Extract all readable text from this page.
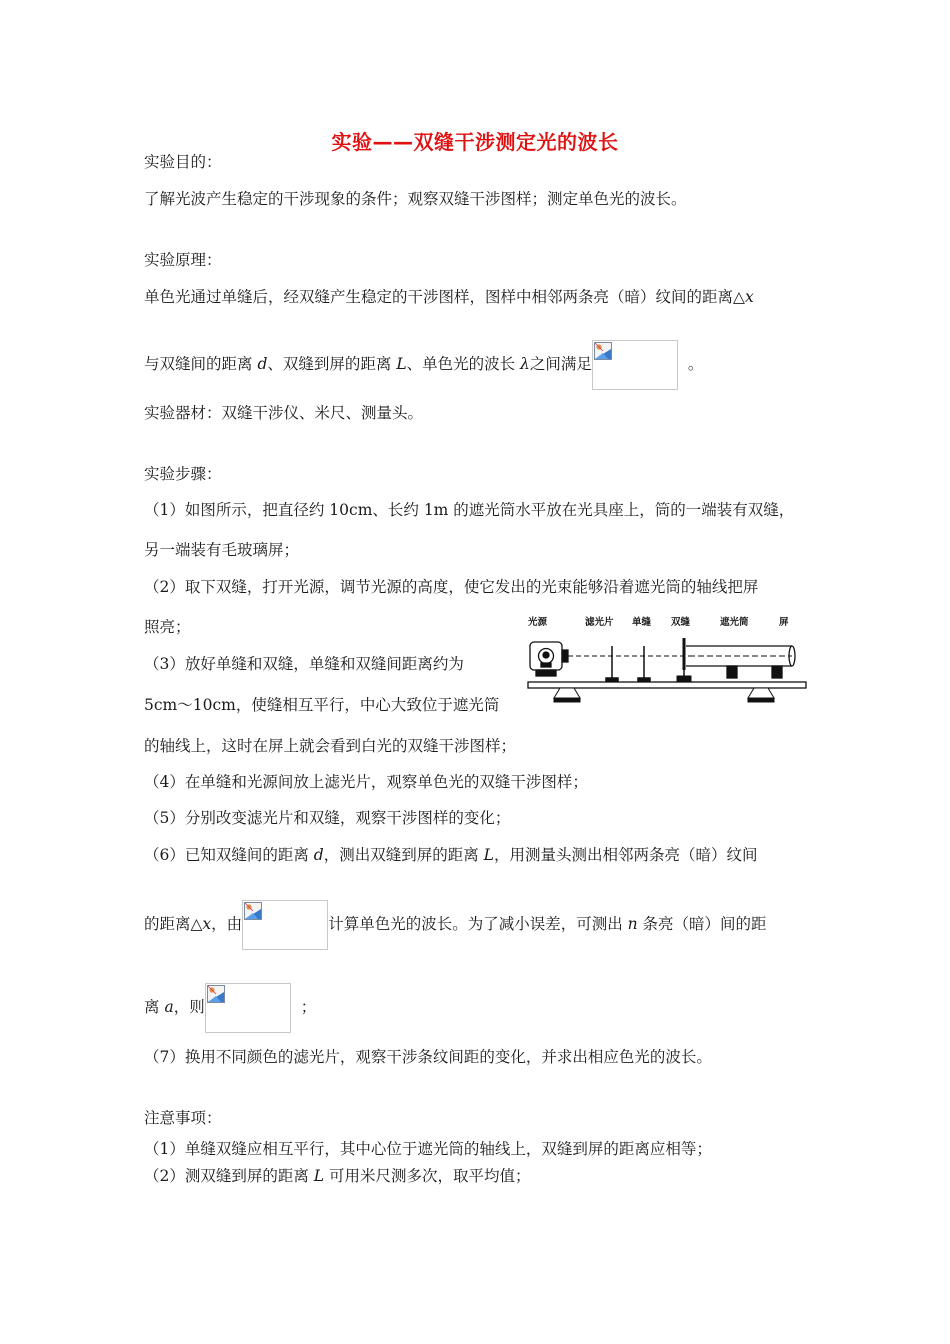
实验——双缝干涉测定光的波长
实验目的：
了解光波产生稳定的干涉现象的条件；观察双缝干涉图样；测定单色光的波长。
实验原理：
单色光通过单缝后，经双缝产生稳定的干涉图样，图样中相邻两条亮（暗）纹间的距离△x
与双缝间的距离 d、双缝到屏的距离 L、单色光的波长 λ之间满足	。
实验器材：双缝干涉仪、米尺、测量头。
实验步骤：
（1）如图所示，把直径约 10cm、长约 1m 的遮光筒水平放在光具座上，筒的一端装有双缝，
另一端装有毛玻璃屏；
（2）取下双缝，打开光源，调节光源的高度，使它发出的光束能够沿着遮光筒的轴线把屏
照亮；
（3）放好单缝和双缝，单缝和双缝间距离约为
5cm～10cm，使缝相互平行，中心大致位于遮光筒
的轴线上，这时在屏上就会看到白光的双缝干涉图样；
（4）在单缝和光源间放上滤光片，观察单色光的双缝干涉图样；
（5）分别改变滤光片和双缝，观察干涉图样的变化；
（6）已知双缝间的距离 d，测出双缝到屏的距离 L，用测量头测出相邻两条亮（暗）纹间
的距离△x，由	计算单色光的波长。为了减小误差，可测出 n 条亮（暗）间的距
离 a，则	；
（7）换用不同颜色的滤光片，观察干涉条纹间距的变化，并求出相应色光的波长。
注意事项：
（1）单缝双缝应相互平行，其中心位于遮光筒的轴线上，双缝到屏的距离应相等；
（2）测双缝到屏的距离 L 可用米尺测多次，取平均值；
光源	滤光片 单缝 双缝	遮光筒	屏
